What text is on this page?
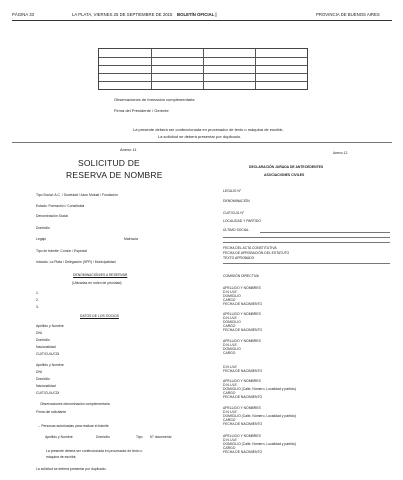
PÁGINA 33	LA PLATA, VIERNES 25 DE SEPTIEMBRE DE 2015 BOLETÍN OFICIAL |	PROVINCIA DE BUENOS AIRES
Observaciones de formación complementaria
Firma del Presidente / Gerente
La presente deberá ser confeccionada en procesador de texto o máquina de escribir,
La solicitud se deberá presentar por duplicado.
Anexo 11
SOLICITUD DE
RESERVA DE NOMBRE
Tipo Social: A.C. / Sociedad / Asoc Mutual / Fundación
Estado: Formación / Constituida
Denominación Social
Domicilio
Legajo	Matrícula
Tipo de trámite: Común / Especial
Iniciado: La Plata / Delegación (SPR) / Municipalidad
DENOMINACIÓN/ES A RESERVAR
(Ubicarlas en orden de prioridad)
1.
2.
3.
DATOS DE LOS SOCIOS
Apellido y Nombre
DNI
Domicilio
Nacionalidad
CUIT/CUIL/CDI
Apellido y Nombre
DNI
Domicilio
Nacionalidad
CUIT/CUIL/CDI
Observaciones denominación complementaria
Firma del solicitante
-- Personas autorizadas para realizar el trámite
Apellido y Nombre	Domicilio	Tipo N° documento
La presente deberá ser confeccionada en procesador de texto o
máquina de escribir,
La solicitud se deberá presentar por duplicado.
Anexo 12
DECLARACIÓN JURADA DE ANTECEDENTES
ASOCIACIONES CIVILES
LEGAJO N°
DENOMINACIÓN
CUIT/CUIL N°
LOCALIDAD Y PARTIDO
ÚLTIMO SOCIAL
FECHA DEL ACTA CONSTITUTIVA
FECHA DE APROBACIÓN DEL ESTATUTO
TEXTO APROBADO
COMISIÓN DIRECTIVA
APELLIDO Y NOMBRES
D.N.I./LE
DOMICILIO
CARGO
FECHA DE NACIMIENTO
APELLIDO Y NOMBRES
D.N.I./LE
DOMICILIO
CARGO
FECHA DE NACIMIENTO
APELLIDO Y NOMBRES
D.N.I./LE
DOMICILIO
CARGO
D.N.I./LE
FECHA DE NACIMIENTO
APELLIDO Y NOMBRES
D.N.I./LE
DOMICILIO (Calle, Número, Localidad y partido)
CARGO
FECHA DE NACIMIENTO
APELLIDO Y NOMBRES
D.N.I./LE
DOMICILIO (Calle, Número, Localidad y partido)
CARGO
FECHA DE NACIMIENTO
APELLIDO Y NOMBRES
D.N.I./LE
DOMICILIO (Calle, Número, Localidad y partido)
CARGO
FECHA DE NACIMIENTO
